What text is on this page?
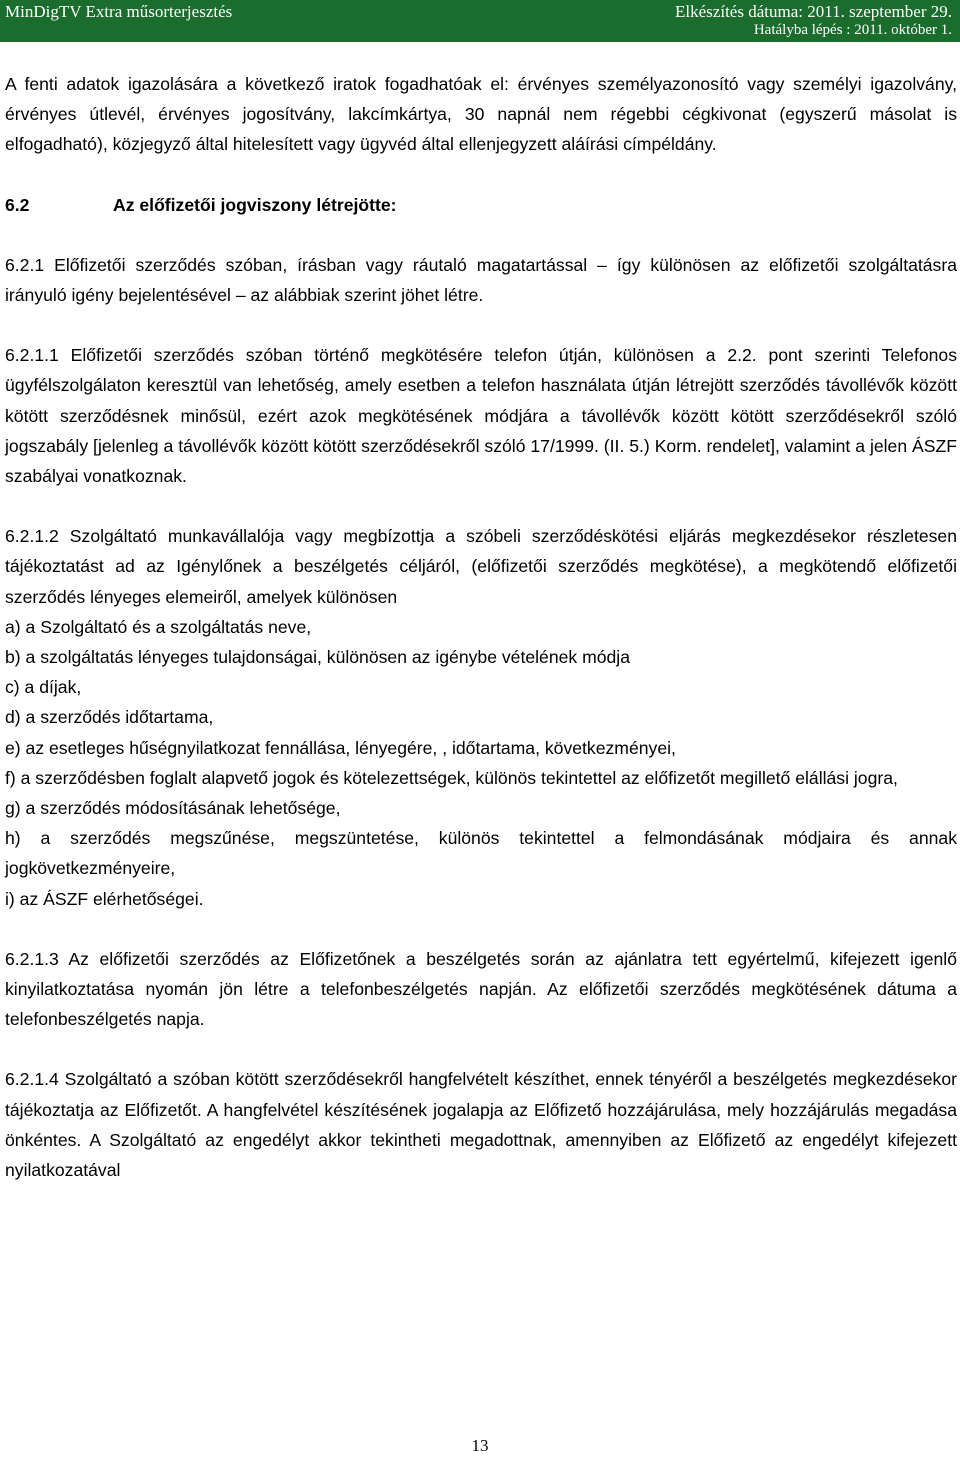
MinDigTV Extra műsorterjesztés	Elkészítés dátuma: 2011. szeptember 29.
Hatályba lépés : 2011. október 1.

A fenti adatok igazolására a következő iratok fogadhatóak el: érvényes személyazonosító vagy személyi igazolvány, érvényes útlevél, érvényes jogosítvány, lakcímkártya, 30 napnál nem régebbi cégkivonat (egyszerű másolat is elfogadható), közjegyző által hitelesített vagy ügyvéd által ellenjegyzett aláírási címpéldány.

6.2	Az előfizetői jogviszony létrejötte:

6.2.1 Előfizetői szerződés szóban, írásban vagy ráutaló magatartással – így különösen az előfizetői szolgáltatásra irányuló igény bejelentésével – az alábbiak szerint jöhet létre.

6.2.1.1 Előfizetői szerződés szóban történő megkötésére telefon útján, különösen a 2.2. pont szerinti Telefonos ügyfélszolgálaton keresztül van lehetőség, amely esetben a telefon használata útján létrejött szerződés távollévők között kötött szerződésnek minősül, ezért azok megkötésének módjára a távollévők között kötött szerződésekről szóló jogszabály [jelenleg a távollévők között kötött szerződésekről szóló 17/1999. (II. 5.) Korm. rendelet], valamint a jelen ÁSZF szabályai vonatkoznak.

6.2.1.2 Szolgáltató munkavállalója vagy megbízottja a szóbeli szerződéskötési eljárás megkezdésekor részletesen tájékoztatást ad az Igénylőnek a beszélgetés céljáról, (előfizetői szerződés megkötése), a megkötendő előfizetői szerződés lényeges elemeiről, amelyek különösen

a) a Szolgáltató és a szolgáltatás neve,
b) a szolgáltatás lényeges tulajdonságai, különösen az igénybe vételének módja
c) a díjak,
d) a szerződés időtartama,
e) az esetleges hűségnyilatkozat fennállása, lényegére, , időtartama, következményei,
f) a szerződésben foglalt alapvető jogok és kötelezettségek, különös tekintettel az előfizetőt megillető elállási jogra,
g) a szerződés módosításának lehetősége,
h) a szerződés megszűnése, megszüntetése, különös tekintettel a felmondásának módjaira és annak jogkövetkezményeire,
i) az ÁSZF elérhetőségei.

6.2.1.3 Az előfizetői szerződés az Előfizetőnek a beszélgetés során az ajánlatra tett egyértelmű, kifejezett igenlő kinyilatkoztatása nyomán jön létre a telefonbeszélgetés napján. Az előfizetői szerződés megkötésének dátuma a telefonbeszélgetés napja.

6.2.1.4 Szolgáltató a szóban kötött szerződésekről hangfelvételt készíthet, ennek tényéről a beszélgetés megkezdésekor tájékoztatja az Előfizetőt. A hangfelvétel készítésének jogalapja az Előfizető hozzájárulása, mely hozzájárulás megadása önkéntes. A Szolgáltató az engedélyt akkor tekintheti megadottnak, amennyiben az Előfizető az engedélyt kifejezett nyilatkozatával

13
